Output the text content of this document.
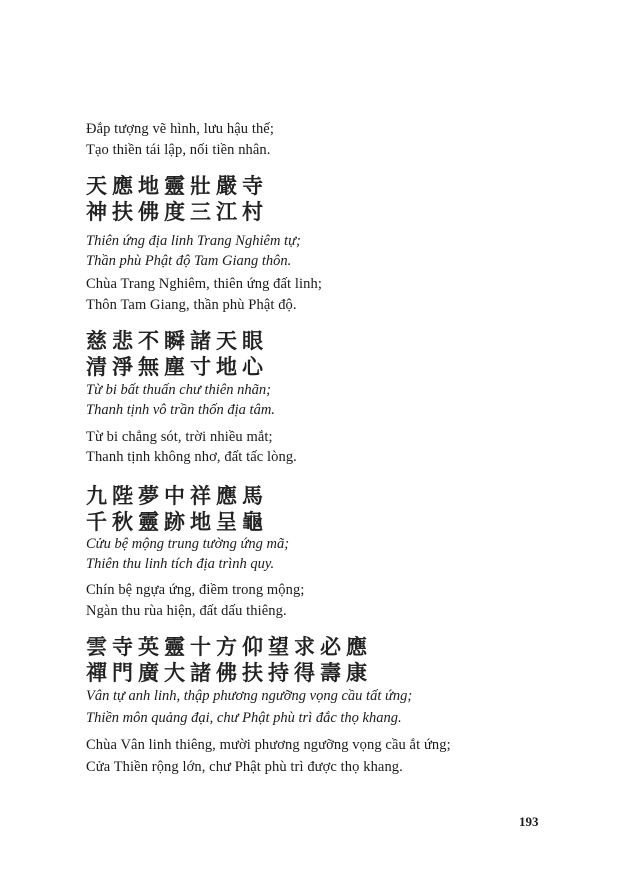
Đắp tượng vẽ hình, lưu hậu thế;
Tạo thiền tái lập, nối tiền nhân.
天應地靈壯嚴寺
神扶佛度三江村
Thiên ứng địa linh Trang Nghiêm tự;
Thần phù Phật độ Tam Giang thôn.
Chùa Trang Nghiêm, thiên ứng đất linh;
Thôn Tam Giang, thần phù Phật độ.
慈悲不瞬諸天眼
清淨無塵寸地心
Từ bi bất thuấn chư thiên nhãn;
Thanh tịnh vô trần thốn địa tâm.
Từ bi chẳng sót, trời nhiều mắt;
Thanh tịnh không nhơ, đất tấc lòng.
九陛夢中祥應馬
千秋靈跡地呈龜
Cửu bệ mộng trung tường ứng mã;
Thiên thu linh tích địa trình quy.
Chín bệ ngựa ứng, điềm trong mộng;
Ngàn thu rùa hiện, đất dấu thiêng.
雲寺英靈十方仰望求必應
禪門廣大諸佛扶持得壽康
Vân tự anh linh, thập phương ngưỡng vọng cầu tất ứng;
Thiền môn quảng đại, chư Phật phù trì đắc thọ khang.
Chùa Vân linh thiêng, mười phương ngưỡng vọng cầu ắt ứng;
Cửa Thiền rộng lớn, chư Phật phù trì được thọ khang.
193
